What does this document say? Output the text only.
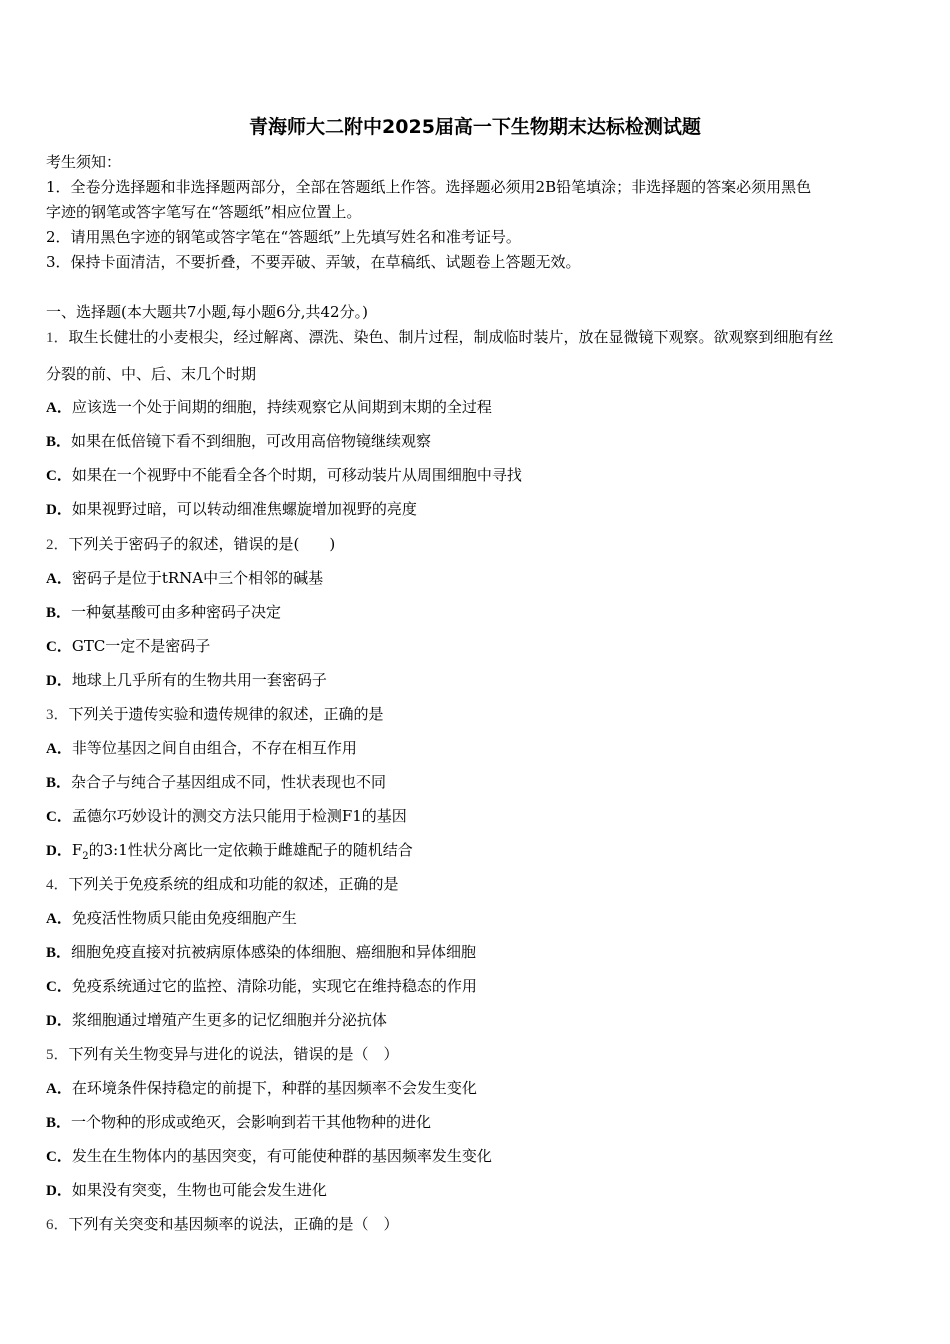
青海师大二附中2025届高一下生物期末达标检测试题
考生须知：
1．全卷分选择题和非选择题两部分，全部在答题纸上作答。选择题必须用2B铅笔填涂；非选择题的答案必须用黑色
字迹的钢笔或答字笔写在“答题纸”相应位置上。
2．请用黑色字迹的钢笔或答字笔在“答题纸”上先填写姓名和准考证号。
3．保持卡面清洁，不要折叠，不要弄破、弄皱，在草稿纸、试题卷上答题无效。
一、选择题(本大题共7小题,每小题6分,共42分。)
1．取生长健壮的小麦根尖，经过解离、漂洗、染色、制片过程，制成临时装片，放在显微镜下观察。欲观察到细胞有丝
分裂的前、中、后、末几个时期
A．应该选一个处于间期的细胞，持续观察它从间期到末期的全过程
B．如果在低倍镜下看不到细胞，可改用高倍物镜继续观察
C．如果在一个视野中不能看全各个时期，可移动装片从周围细胞中寻找
D．如果视野过暗，可以转动细准焦螺旋增加视野的亮度
2．下列关于密码子的叙述，错误的是(　　)
A．密码子是位于tRNA中三个相邻的碱基
B．一种氨基酸可由多种密码子决定
C．GTC一定不是密码子
D．地球上几乎所有的生物共用一套密码子
3．下列关于遗传实验和遗传规律的叙述，正确的是
A．非等位基因之间自由组合，不存在相互作用
B．杂合子与纯合子基因组成不同，性状表现也不同
C．孟德尔巧妙设计的测交方法只能用于检测F1的基因
D．$F_2$的3:1性状分离比一定依赖于雌雄配子的随机结合
4．下列关于免疫系统的组成和功能的叙述，正确的是
A．免疫活性物质只能由免疫细胞产生
B．细胞免疫直接对抗被病原体感染的体细胞、癌细胞和异体细胞
C．免疫系统通过它的监控、清除功能，实现它在维持稳态的作用
D．浆细胞通过增殖产生更多的记忆细胞并分泌抗体
5．下列有关生物变异与进化的说法，错误的是（　）
A．在环境条件保持稳定的前提下，种群的基因频率不会发生变化
B．一个物种的形成或绝灭，会影响到若干其他物种的进化
C．发生在生物体内的基因突变，有可能使种群的基因频率发生变化
D．如果没有突变，生物也可能会发生进化
6．下列有关突变和基因频率的说法，正确的是（　）
